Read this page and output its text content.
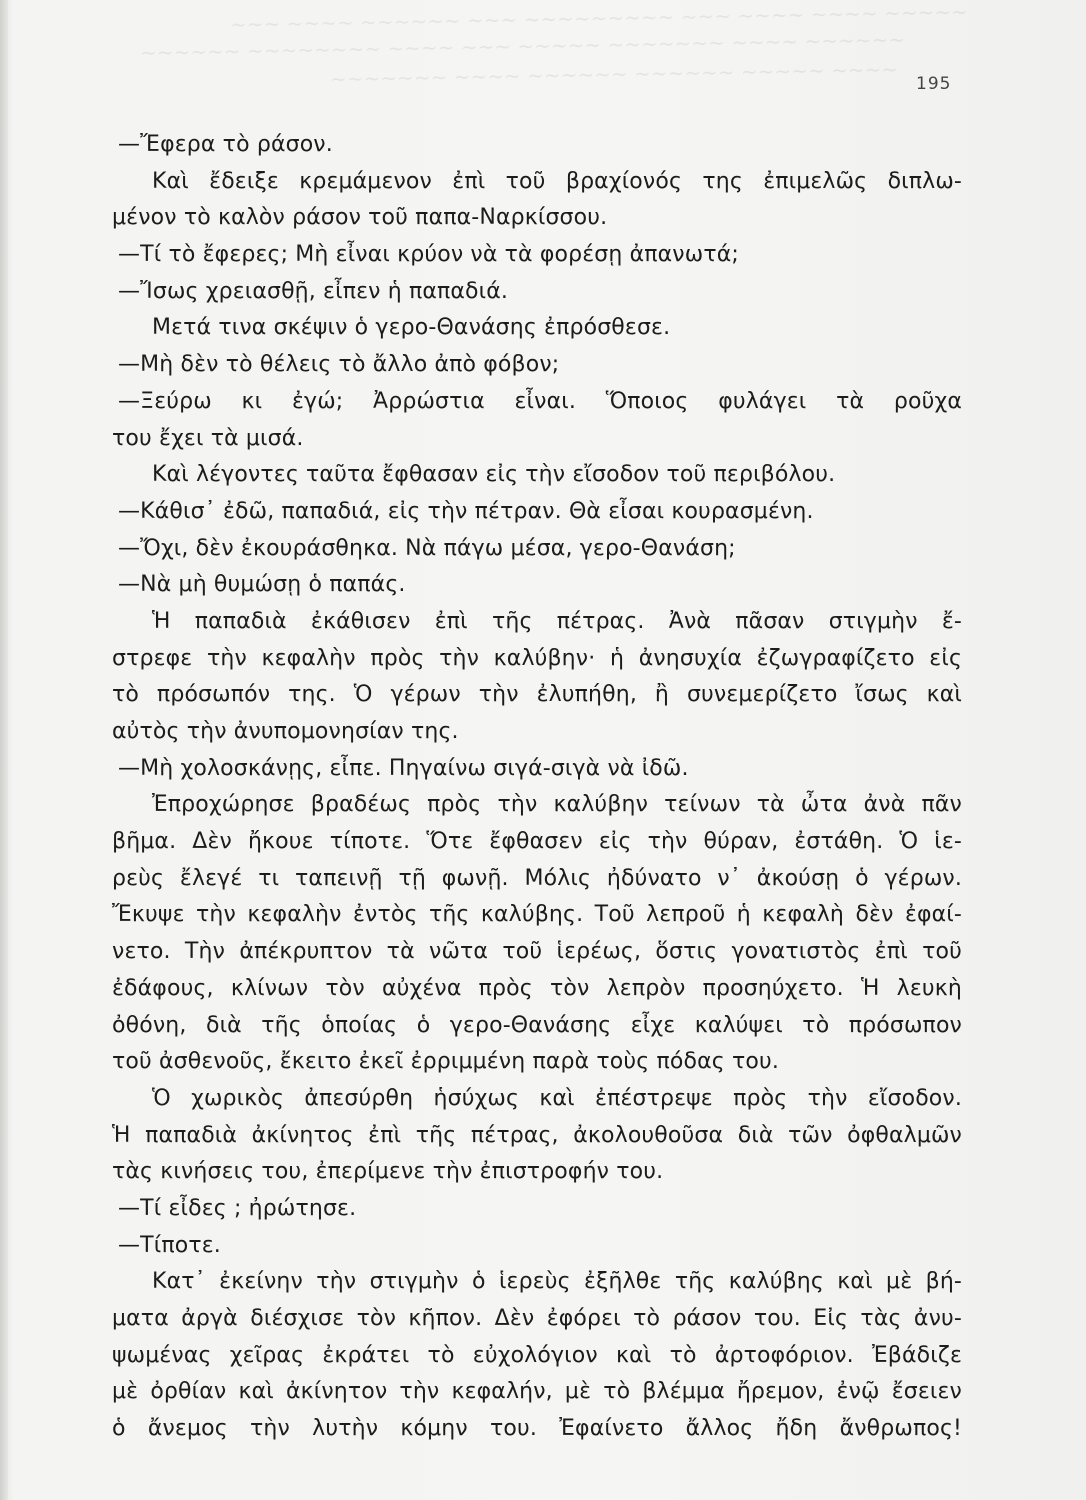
~~~ ~~~~ ~~~~~~ ~~~ ~~~~~~~~~ ~~~ ~~~~ ~~~~ ~~~~~
~~~~~~ ~~~~~~~~ ~~~~ ~~~ ~~~~~ ~~~~~~~ ~~~~ ~~~~~~
~~~~~~~ ~~~~ ~~~~~~ ~~~~~~ ~~~~~ ~~~~ 195
—Ἔφερα τὸ ράσον.
Καὶ ἔδειξε κρεμάμενον ἐπὶ τοῦ βραχίονός της ἐπιμελῶς διπλω-
μένον τὸ καλὸν ράσον τοῦ παπα-Ναρκίσσου.
—Τί τὸ ἔφερες; Μὴ εἶναι κρύον νὰ τὰ φορέσῃ ἀπανωτά;
—Ἴσως χρειασθῇ, εἶπεν ἡ παπαδιά.
Μετά τινα σκέψιν ὁ γερο-Θανάσης ἐπρόσθεσε.
—Μὴ δὲν τὸ θέλεις τὸ ἄλλο ἀπὸ φόβον;
—Ξεύρω κι ἐγώ; Ἀρρώστια εἶναι. Ὅποιος φυλάγει τὰ ροῦχα
του ἔχει τὰ μισά.
Καὶ λέγοντες ταῦτα ἔφθασαν εἰς τὴν εἴσοδον τοῦ περιβόλου.
—Κάθισ᾽ ἐδῶ, παπαδιά, εἰς τὴν πέτραν. Θὰ εἶσαι κουρασμένη.
—Ὄχι, δὲν ἐκουράσθηκα. Νὰ πάγω μέσα, γερο-Θανάση;
—Νὰ μὴ θυμώσῃ ὁ παπάς.
Ἡ παπαδιὰ ἐκάθισεν ἐπὶ τῆς πέτρας. Ἀνὰ πᾶσαν στιγμὴν ἔ-
στρεφε τὴν κεφαλὴν πρὸς τὴν καλύβην· ἡ ἀνησυχία ἐζωγραφίζετο εἰς
τὸ πρόσωπόν της. Ὁ γέρων τὴν ἐλυπήθη, ἢ συνεμερίζετο ἴσως καὶ
αὐτὸς τὴν ἀνυπομονησίαν της.
—Μὴ χολοσκάνῃς, εἶπε. Πηγαίνω σιγά-σιγὰ νὰ ἰδῶ.
Ἐπροχώρησε βραδέως πρὸς τὴν καλύβην τείνων τὰ ὦτα ἀνὰ πᾶν
βῆμα. Δὲν ἤκουε τίποτε. Ὅτε ἔφθασεν εἰς τὴν θύραν, ἐστάθη. Ὁ ἱε-
ρεὺς ἔλεγέ τι ταπεινῇ τῇ φωνῇ. Μόλις ἠδύνατο ν᾽ ἀκούσῃ ὁ γέρων.
Ἔκυψε τὴν κεφαλὴν ἐντὸς τῆς καλύβης. Τοῦ λεπροῦ ἡ κεφαλὴ δὲν ἐφαί-
νετο. Τὴν ἀπέκρυπτον τὰ νῶτα τοῦ ἱερέως, ὅστις γονατιστὸς ἐπὶ τοῦ
ἐδάφους, κλίνων τὸν αὐχένα πρὸς τὸν λεπρὸν προσηύχετο. Ἡ λευκὴ
ὀθόνη, διὰ τῆς ὁποίας ὁ γερο-Θανάσης εἶχε καλύψει τὸ πρόσωπον
τοῦ ἀσθενοῦς, ἔκειτο ἐκεῖ ἐρριμμένη παρὰ τοὺς πόδας του.
Ὁ χωρικὸς ἀπεσύρθη ἡσύχως καὶ ἐπέστρεψε πρὸς τὴν εἴσοδον.
Ἡ παπαδιὰ ἀκίνητος ἐπὶ τῆς πέτρας, ἀκολουθοῦσα διὰ τῶν ὀφθαλμῶν
τὰς κινήσεις του, ἐπερίμενε τὴν ἐπιστροφήν του.
—Τί εἶδες ; ἠρώτησε.
—Τίποτε.
Κατ᾽ ἐκείνην τὴν στιγμὴν ὁ ἱερεὺς ἐξῆλθε τῆς καλύβης καὶ μὲ βή-
ματα ἀργὰ διέσχισε τὸν κῆπον. Δὲν ἐφόρει τὸ ράσον του. Εἰς τὰς ἀνυ-
ψωμένας χεῖρας ἐκράτει τὸ εὐχολόγιον καὶ τὸ ἀρτοφόριον. Ἐβάδιζε
μὲ ὀρθίαν καὶ ἀκίνητον τὴν κεφαλήν, μὲ τὸ βλέμμα ἤρεμον, ἐνῷ ἔσειεν
ὁ ἄνεμος τὴν λυτὴν κόμην του. Ἐφαίνετο ἄλλος ἤδη ἄνθρωπος!
